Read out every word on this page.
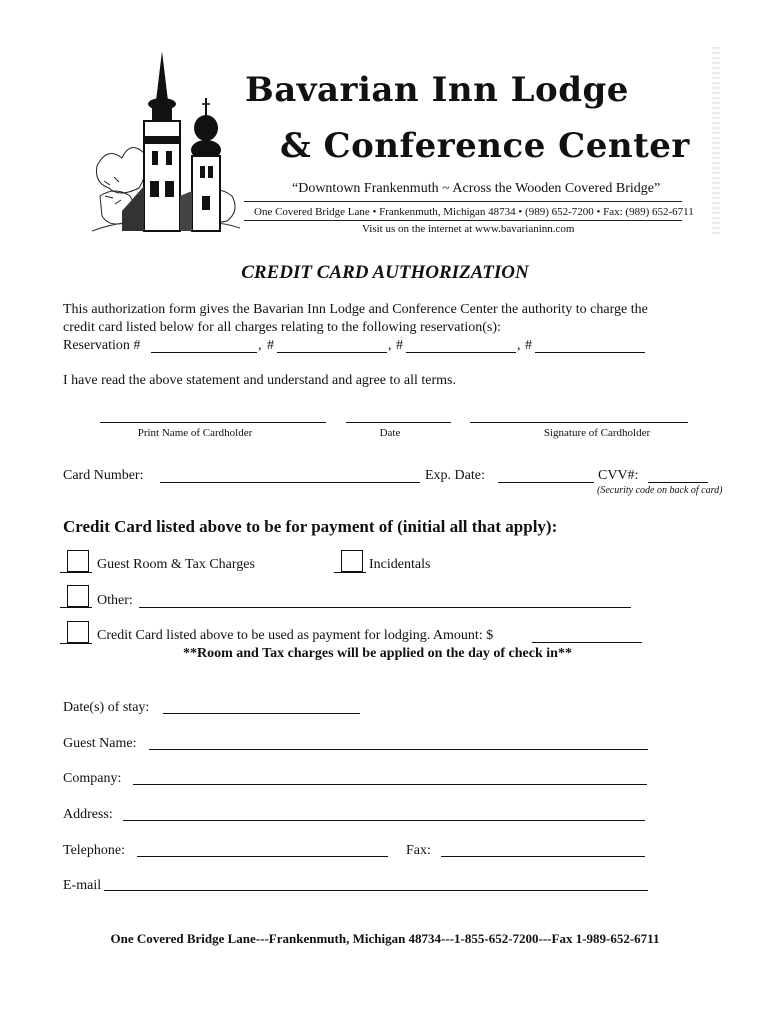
Bavarian Inn Lodge
& Conference Center
“Downtown Frankenmuth ~ Across the Wooden Covered Bridge”
One Covered Bridge Lane • Frankenmuth, Michigan 48734 • (989) 652-7200 • Fax: (989) 652-6711
Visit us on the internet at www.bavarianinn.com
CREDIT CARD AUTHORIZATION
This authorization form gives the Bavarian Inn Lodge and Conference Center the authority to charge the
credit card listed below for all charges relating to the following reservation(s):
Reservation #	, #	, #	, #
I have read the above statement and understand and agree to all terms.
Print Name of Cardholder	Date	Signature of Cardholder
Card Number:	Exp. Date:	CVV#:
(Security code on back of card)
Credit Card listed above to be for payment of (initial all that apply):
Guest Room & Tax Charges	Incidentals
Other:
Credit Card listed above to be used as payment for lodging. Amount: $
**Room and Tax charges will be applied on the day of check in**
Date(s) of stay:
Guest Name:
Company:
Address:
Telephone:	Fax:
E-mail
One Covered Bridge Lane---Frankenmuth, Michigan 48734---1-855-652-7200---Fax 1-989-652-6711
